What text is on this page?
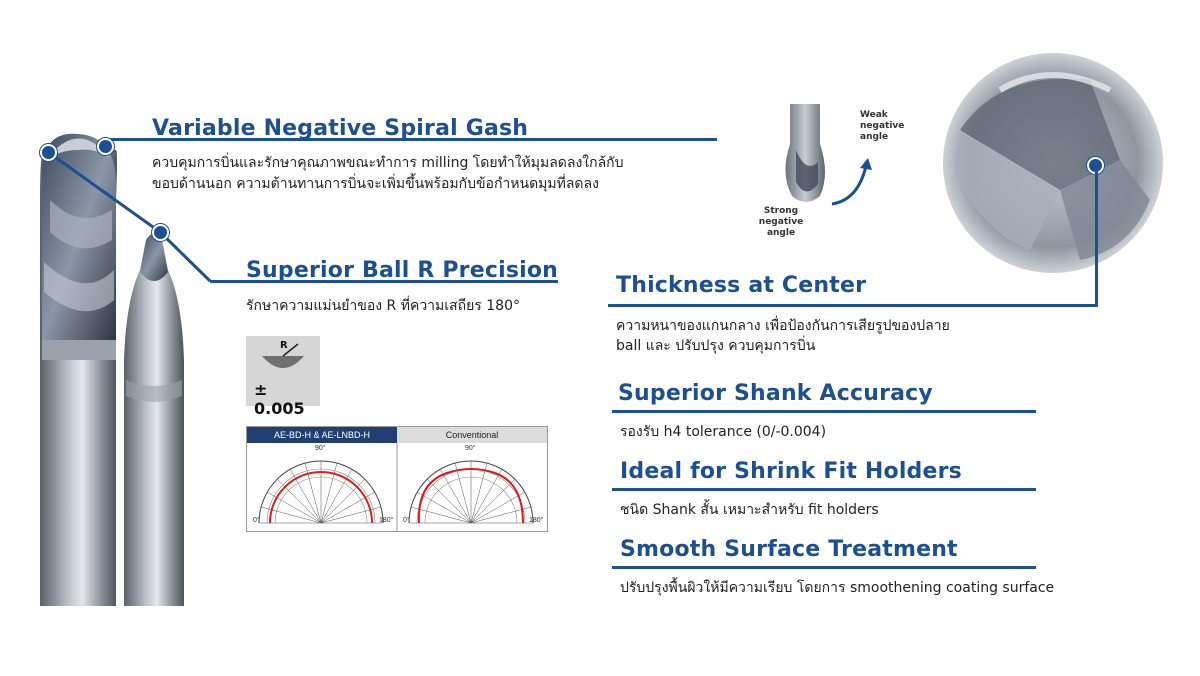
Variable Negative Spiral Gash
ควบคุมการบิ่นและรักษาคุณภาพขณะทำการ milling โดยทำให้มุมลดลงใกล้กับ
ขอบด้านนอก ความต้านทานการบิ่นจะเพิ่มขึ้นพร้อมกับข้อกำหนดมุมที่ลดลง
Superior Ball R Precision
รักษาความแม่นยำของ R ที่ความเสถียร 180°
R
± 0.005
AE-BD-H & AE-LNBD-H	Conventional
90°
0°	180°
90°
0°	180°
Weak negative angle
Strong negative angle
Thickness at Center
ความหนาของแกนกลาง เพื่อป้องกันการเสียรูปของปลาย
ball และ ปรับปรุง ควบคุมการบิ่น
Superior Shank Accuracy
รองรับ h4 tolerance (0/-0.004)
Ideal for Shrink Fit Holders
ชนิด Shank สั้น เหมาะสำหรับ fit holders
Smooth Surface Treatment
ปรับปรุงพื้นผิวให้มีความเรียบ โดยการ smoothening coating surface
